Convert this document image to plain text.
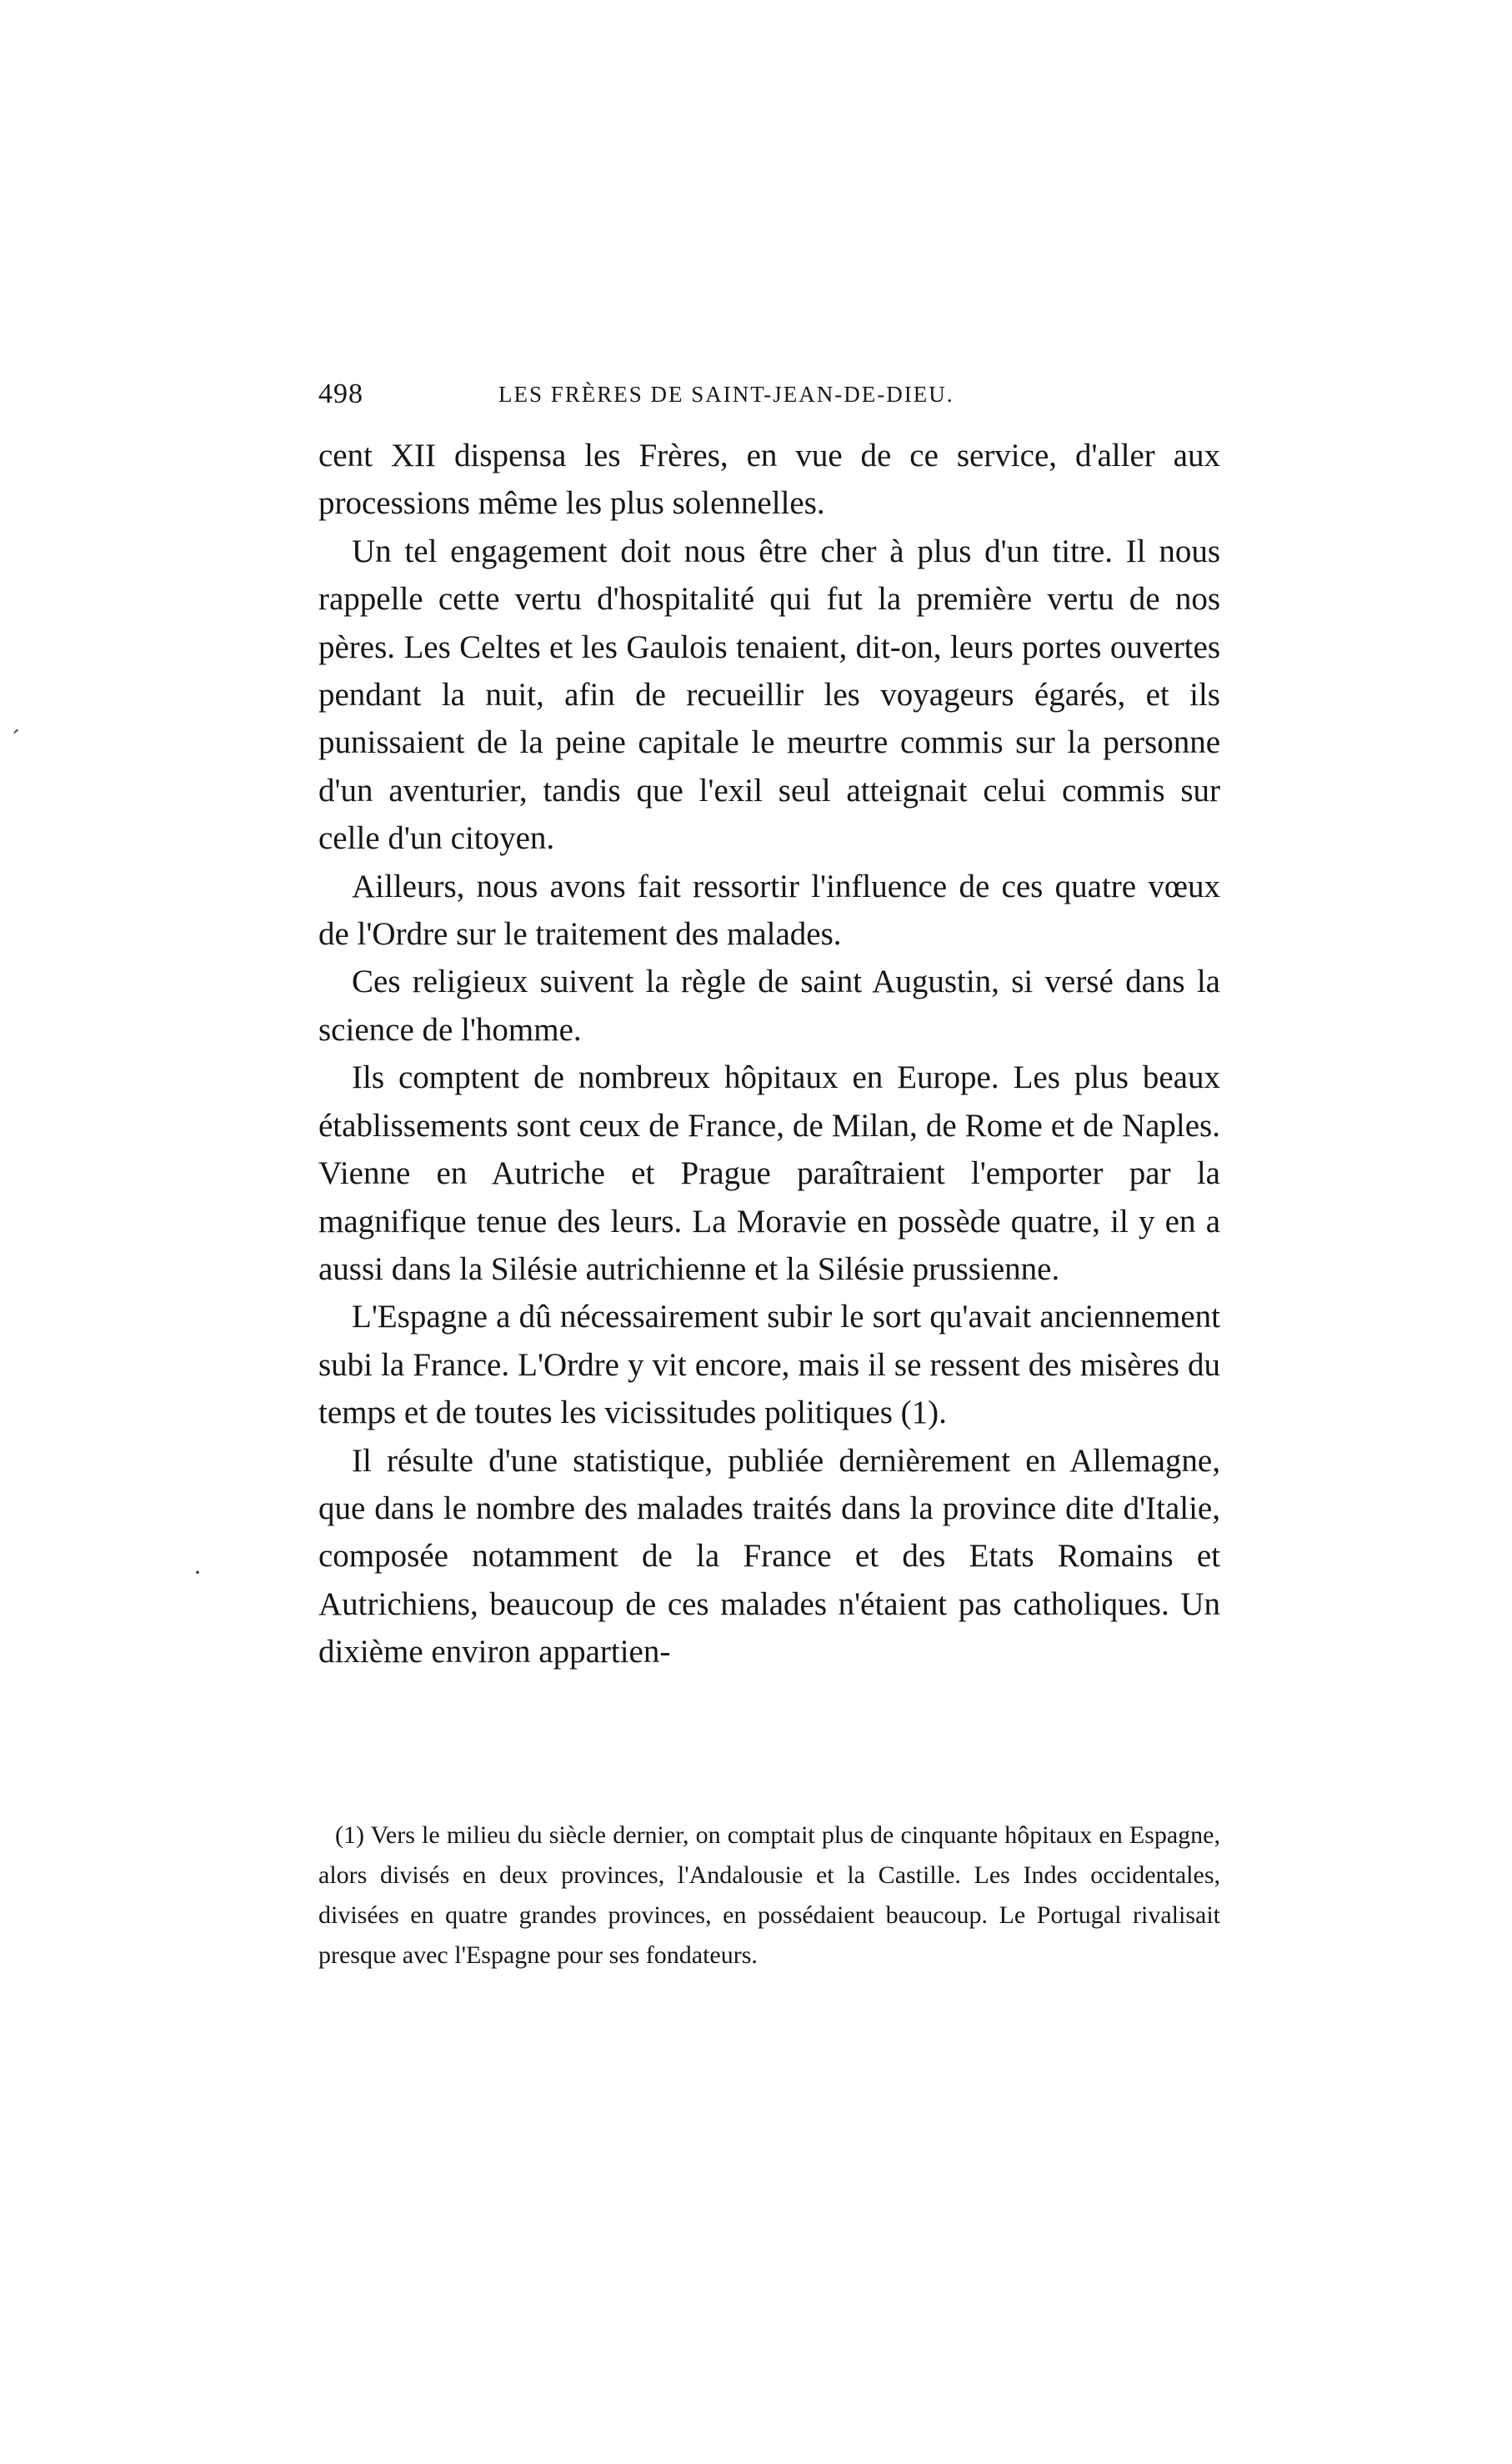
498	LES FRÈRES DE SAINT-JEAN-DE-DIEU.

cent XII dispensa les Frères, en vue de ce service, d'aller aux processions même les plus solennelles.

Un tel engagement doit nous être cher à plus d'un titre. Il nous rappelle cette vertu d'hospitalité qui fut la première vertu de nos pères. Les Celtes et les Gaulois tenaient, dit-on, leurs portes ouvertes pendant la nuit, afin de recueillir les voyageurs égarés, et ils punissaient de la peine capitale le meurtre commis sur la personne d'un aventurier, tandis que l'exil seul atteignait celui commis sur celle d'un citoyen.

Ailleurs, nous avons fait ressortir l'influence de ces quatre vœux de l'Ordre sur le traitement des malades.

Ces religieux suivent la règle de saint Augustin, si versé dans la science de l'homme.

Ils comptent de nombreux hôpitaux en Europe. Les plus beaux établissements sont ceux de France, de Milan, de Rome et de Naples. Vienne en Autriche et Prague paraîtraient l'emporter par la magnifique tenue des leurs. La Moravie en possède quatre, il y en a aussi dans la Silésie autrichienne et la Silésie prussienne.

L'Espagne a dû nécessairement subir le sort qu'avait anciennement subi la France. L'Ordre y vit encore, mais il se ressent des misères du temps et de toutes les vicissitudes politiques (1).

Il résulte d'une statistique, publiée dernièrement en Allemagne, que dans le nombre des malades traités dans la province dite d'Italie, composée notamment de la France et des Etats Romains et Autrichiens, beaucoup de ces malades n'étaient pas catholiques. Un dixième environ appartien-

(1) Vers le milieu du siècle dernier, on comptait plus de cinquante hôpitaux en Espagne, alors divisés en deux provinces, l'Andalousie et la Castille. Les Indes occidentales, divisées en quatre grandes provinces, en possédaient beaucoup. Le Portugal rivalisait presque avec l'Espagne pour ses fondateurs.
ˊ
·
